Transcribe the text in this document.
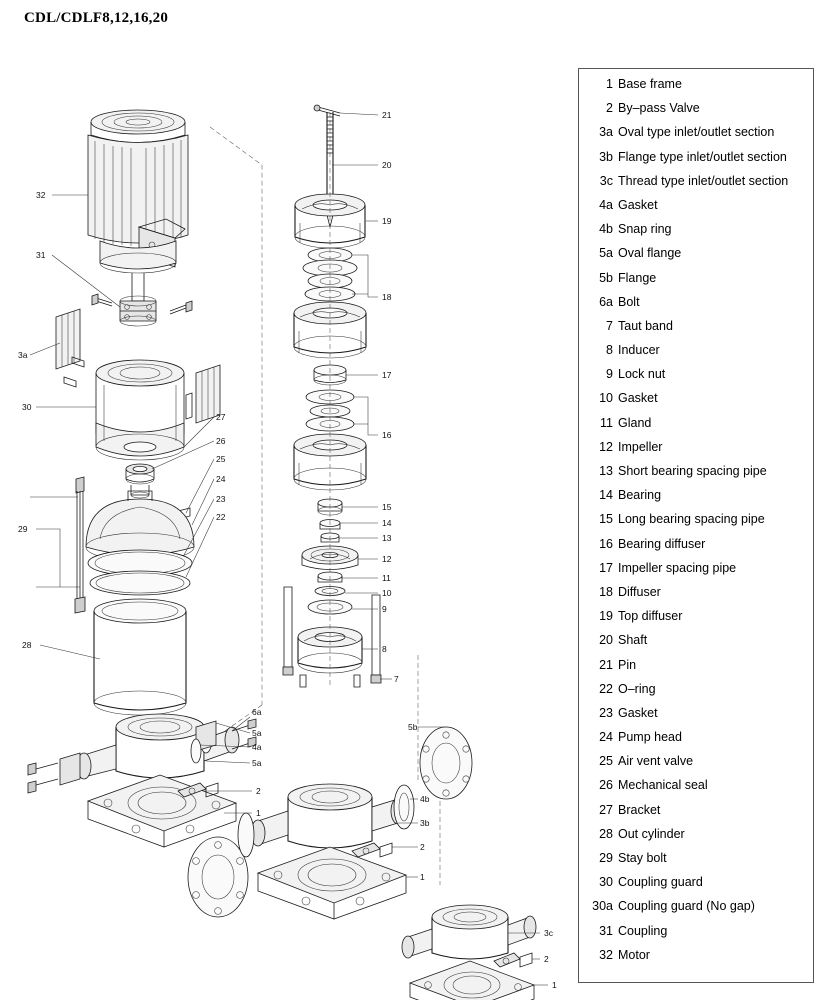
CDL/CDLF8,12,16,20
32
31
3a
30
29
28
27
26
25
24
23
22
21
20
19
18
17
16
15
14
13
12
11
10
9
8
7
6a
5a
4a
5a
2
1
5b
4b
3b
2
1
3c
2
1
1 Base frame
2 By–pass Valve
3a Oval type inlet/outlet section
3b Flange type inlet/outlet section
3c Thread type inlet/outlet section
4a Gasket
4b Snap ring
5a Oval flange
5b Flange
6a Bolt
7 Taut band
8 Inducer
9 Lock nut
10 Gasket
11 Gland
12 Impeller
13 Short bearing spacing pipe
14 Bearing
15 Long bearing spacing pipe
16 Bearing diffuser
17 Impeller spacing pipe
18 Diffuser
19 Top diffuser
20 Shaft
21 Pin
22 O–ring
23 Gasket
24 Pump head
25 Air vent valve
26 Mechanical seal
27 Bracket
28 Out cylinder
29 Stay bolt
30 Coupling guard
30a Coupling guard (No gap)
31 Coupling
32 Motor
